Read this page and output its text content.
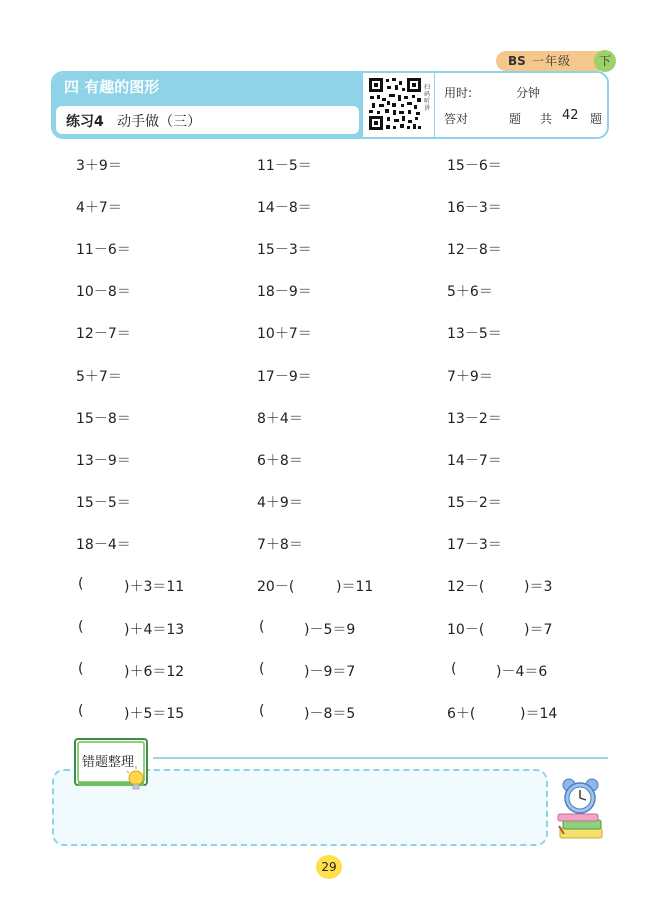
BS 一年级	下
四 有趣的图形
练习4 动手做（三）
扫码听讲
用时:	分钟
答对	题 共 42 题
3＋9＝	11－5＝	15－6＝
4＋7＝	14－8＝	16－3＝
11－6＝	15－3＝	12－8＝
10－8＝	18－9＝	5＋6＝
12－7＝	10＋7＝	13－5＝
5＋7＝	17－9＝	7＋9＝
15－8＝	8＋4＝	13－2＝
13－9＝	6＋8＝	14－7＝
15－5＝	4＋9＝	15－2＝
18－4＝	7＋8＝	17－3＝
(	)＋3＝11	20－(	)＝11	12－(	)＝3
(	)＋4＝13	(	)－5＝9	10－(	)＝7
(	)＋6＝12	(	)－9＝7	(	)－4＝6
(	)＋5＝15	(	)－8＝5	6＋(	)＝14
错题整理
29
